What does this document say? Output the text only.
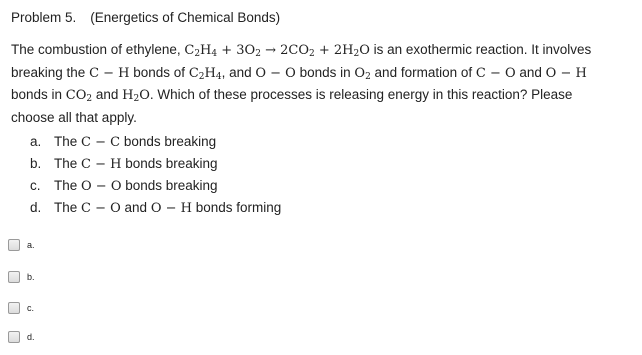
Problem 5. (Energetics of Chemical Bonds)
The combustion of ethylene, $C_2H_4 + 3O_2 \to 2CO_2 + 2H_2O$ is an exothermic reaction. It involves breaking the C − H bonds of $C_2H_4$, and O − O bonds in $O_2$ and formation of C − O and O − H bonds in $CO_2$ and $H_2O$. Which of these processes is releasing energy in this reaction? Please choose all that apply.
a. The C − C bonds breaking
b. The C − H bonds breaking
c. The O − O bonds breaking
d. The C − O and O − H bonds forming
a.
b.
c.
d.
